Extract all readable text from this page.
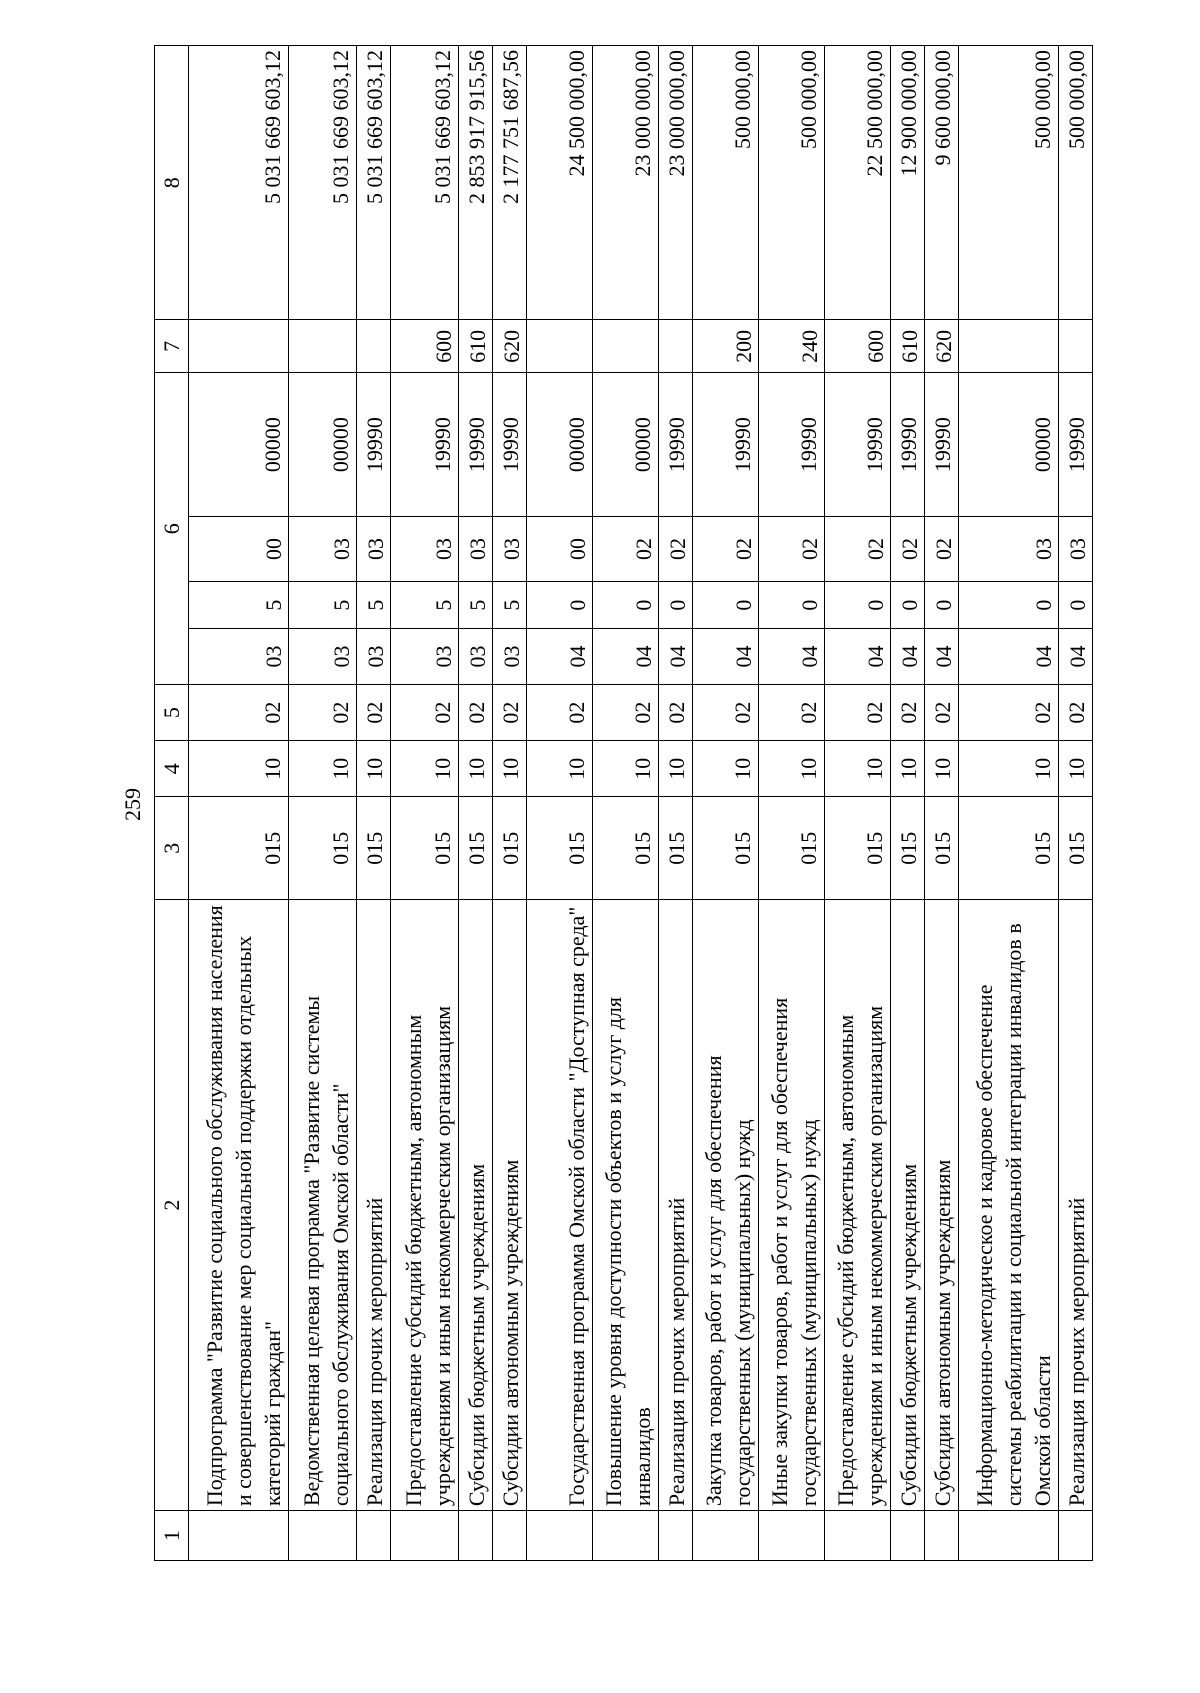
259
1	2	3	4	5	6				7	8
	Подпрограмма "Развитие социального обслуживания населения и совершенствование мер социальной поддержки отдельных категорий граждан"	015	10	02	03	5	00	00000		5 031 669 603,12
	Ведомственная целевая программа "Развитие системы социального обслуживания Омской области"	015	10	02	03	5	03	00000		5 031 669 603,12
	Реализация прочих мероприятий	015	10	02	03	5	03	19990		5 031 669 603,12
	Предоставление субсидий бюджетным, автономным учреждениям и иным некоммерческим организациям	015	10	02	03	5	03	19990	600	5 031 669 603,12
	Субсидии бюджетным учреждениям	015	10	02	03	5	03	19990	610	2 853 917 915,56
	Субсидии автономным учреждениям	015	10	02	03	5	03	19990	620	2 177 751 687,56
	Государственная программа Омской области "Доступная среда"	015	10	02	04	0	00	00000		24 500 000,00
	Повышение уровня доступности объектов и услуг для инвалидов	015	10	02	04	0	02	00000		23 000 000,00
	Реализация прочих мероприятий	015	10	02	04	0	02	19990		23 000 000,00
	Закупка товаров, работ и услуг для обеспечения государственных (муниципальных) нужд	015	10	02	04	0	02	19990	200	500 000,00
	Иные закупки товаров, работ и услуг для обеспечения государственных (муниципальных) нужд	015	10	02	04	0	02	19990	240	500 000,00
	Предоставление субсидий бюджетным, автономным учреждениям и иным некоммерческим организациям	015	10	02	04	0	02	19990	600	22 500 000,00
	Субсидии бюджетным учреждениям	015	10	02	04	0	02	19990	610	12 900 000,00
	Субсидии автономным учреждениям	015	10	02	04	0	02	19990	620	9 600 000,00
	Информационно-методическое и кадровое обеспечение системы реабилитации и социальной интеграции инвалидов в Омской области	015	10	02	04	0	03	00000		500 000,00
	Реализация прочих мероприятий	015	10	02	04	0	03	19990		500 000,00
